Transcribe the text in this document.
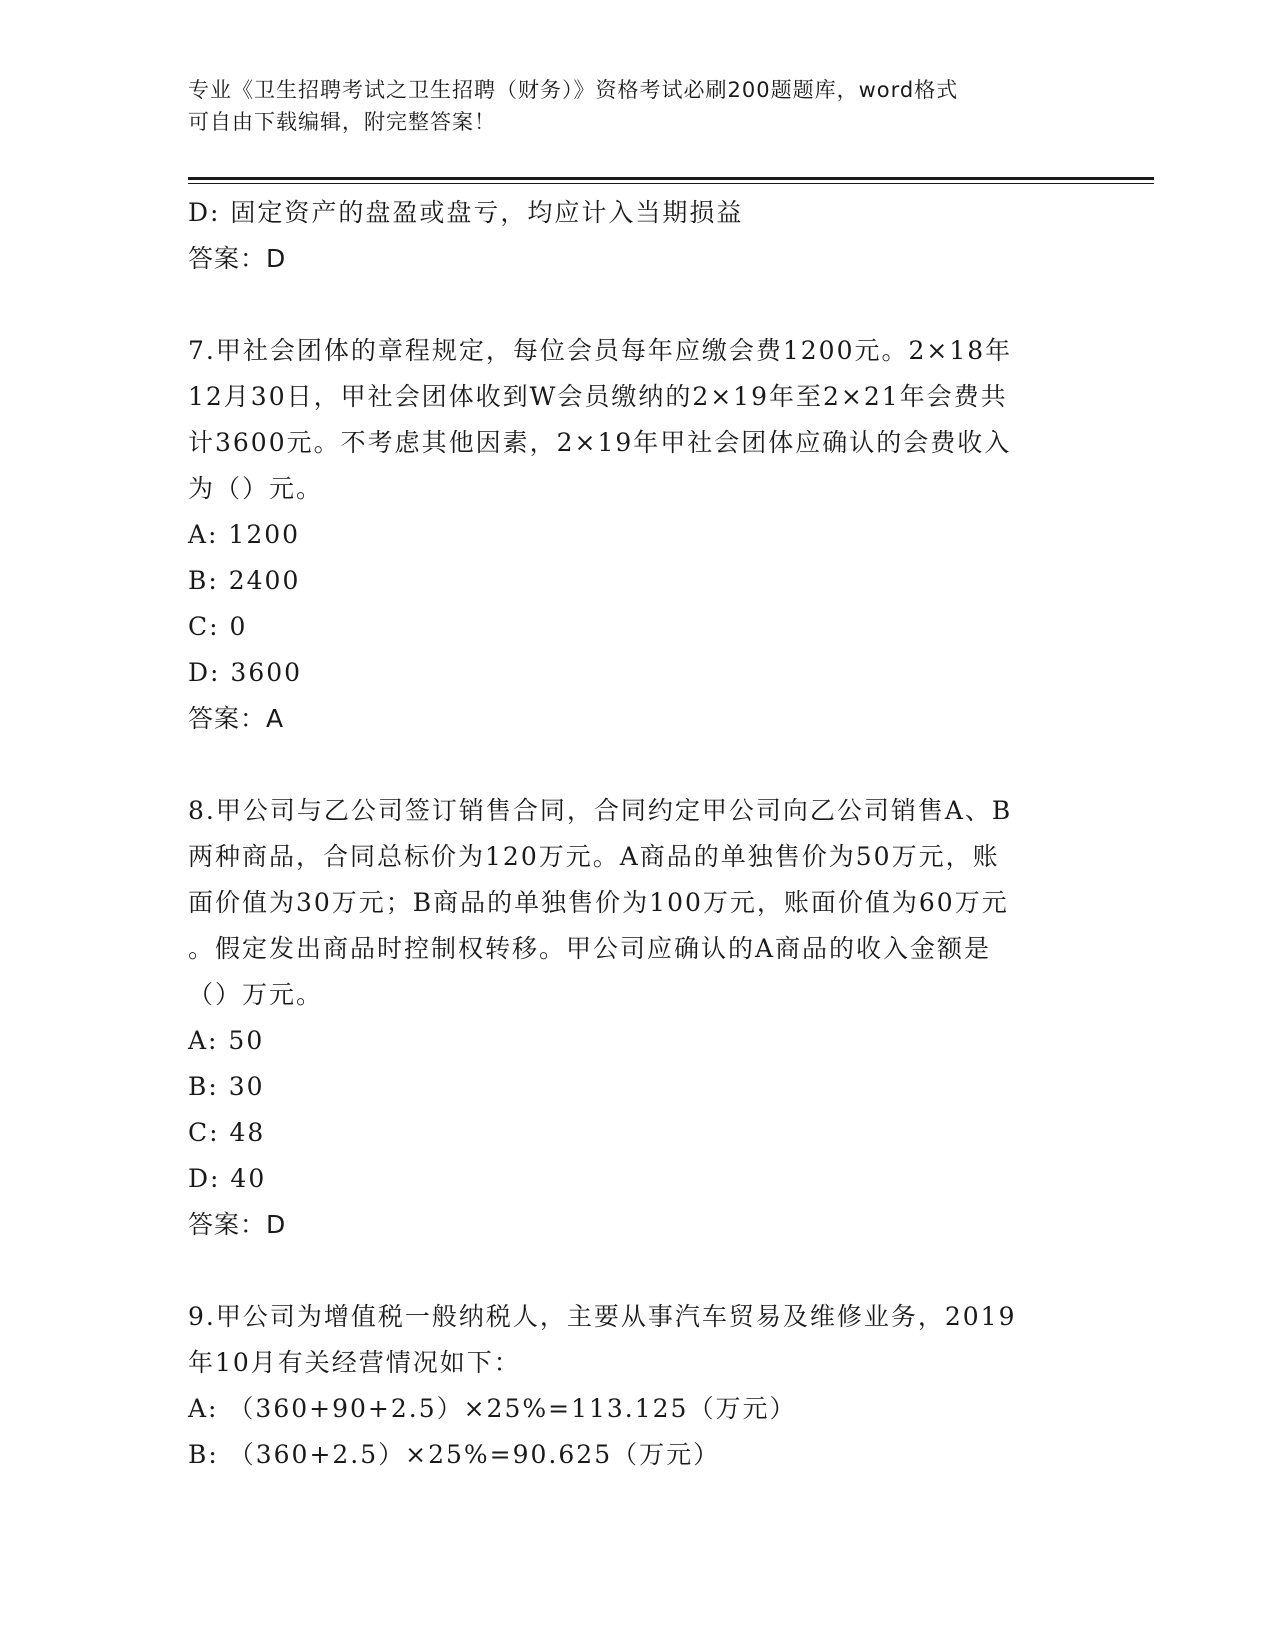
专业《卫生招聘考试之卫生招聘（财务）》资格考试必刷200题题库，word格式
可自由下载编辑，附完整答案！
D: 固定资产的盘盈或盘亏，均应计入当期损益
答案：D
7.甲社会团体的章程规定，每位会员每年应缴会费1200元。2×18年
12月30日，甲社会团体收到W会员缴纳的2×19年至2×21年会费共
计3600元。不考虑其他因素，2×19年甲社会团体应确认的会费收入
为（）元。
A: 1200
B: 2400
C: 0
D: 3600
答案：A
8.甲公司与乙公司签订销售合同，合同约定甲公司向乙公司销售A、B
两种商品，合同总标价为120万元。A商品的单独售价为50万元，账
面价值为30万元；B商品的单独售价为100万元，账面价值为60万元
。假定发出商品时控制权转移。甲公司应确认的A商品的收入金额是
（）万元。
A: 50
B: 30
C: 48
D: 40
答案：D
9.甲公司为增值税一般纳税人，主要从事汽车贸易及维修业务，2019
年10月有关经营情况如下：
A: （360+90+2.5）×25%=113.125（万元）
B: （360+2.5）×25%=90.625（万元）
